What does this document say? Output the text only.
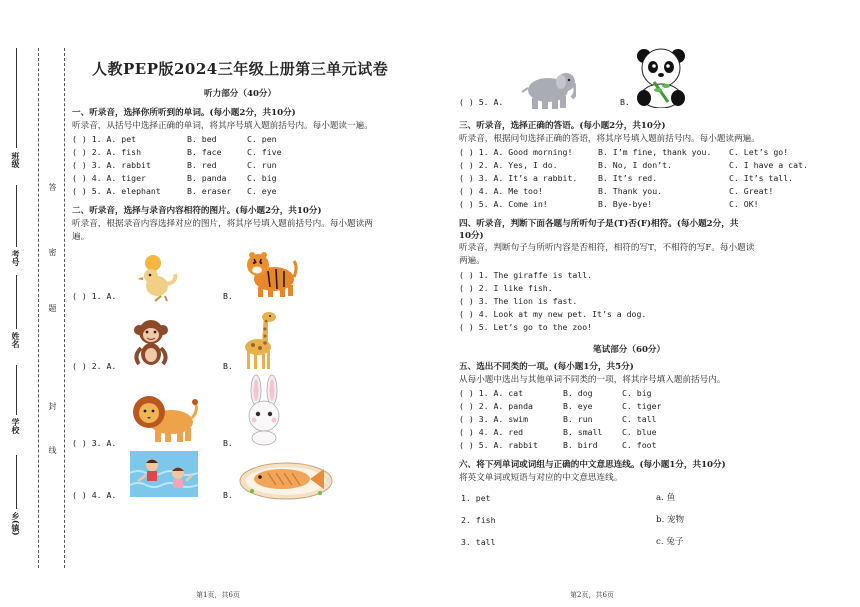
班级
考号
姓名
学校
乡(镇)
答
密
题
封
线
人教PEP版2024三年级上册第三单元试卷
听力部分（40分）
一、听录音，选择你所听到的单词。(每小题2分，共10分)
听录音，从括号中选择正确的单词，将其序号填入题前括号内。每小题读一遍。
( ) 1. A. pet	B. bed	C. pen
( ) 2. A. fish	B. face	C. five
( ) 3. A. rabbit	B. red	C. run
( ) 4. A. tiger	B. panda	C. big
( ) 5. A. elephant	B. eraser C. eye
二、听录音，选择与录音内容相符的图片。(每小题2分，共10分)
听录音，根据录音内容选择对应的图片，将其序号填入题前括号内。每小题读两
遍。
( ) 1. A.	B.
( ) 2. A.	B.
( ) 3. A.	B.
( ) 4. A.	B.
第1页，共6页
( ) 5. A.	B.
三、听录音，选择正确的答语。(每小题2分，共10分)
听录音，根据问句选择正确的答语，将其序号填入题前括号内。每小题读两遍。
( ) 1. A. Good morning!	B. I’m fine, thank you. C. Let’s go!
( ) 2. A. Yes, I do.	B. No, I don’t.	C. I have a cat.
( ) 3. A. It’s a rabbit.	B. It’s red.	C. It’s tall.
( ) 4. A. Me too!	B. Thank you.	C. Great!
( ) 5. A. Come in!	B. Bye-bye!	C. OK!
四、听录音，判断下面各题与所听句子是(T)否(F)相符。(每小题2分，共
10分)
听录音，判断句子与所听内容是否相符，相符的写T，不相符的写F。每小题读
两遍。
( ) 1. The giraffe is tall.
( ) 2. I like fish.
( ) 3. The lion is fast.
( ) 4. Look at my new pet. It’s a dog.
( ) 5. Let’s go to the zoo!
笔试部分（60分）
五、选出不同类的一项。(每小题1分，共5分)
从每小题中选出与其他单词不同类的一项，将其序号填入题前括号内。
( ) 1. A. cat	B. dog	C. big
( ) 2. A. panda	B. eye	C. tiger
( ) 3. A. swim	B. run	C. tall
( ) 4. A. red	B. small C. blue
( ) 5. A. rabbit	B. bird	C. foot
六、将下列单词或词组与正确的中文意思连线。(每小题1分，共10分)
将英文单词或短语与对应的中文意思连线。
1. pet	a. 鱼
2. fish	b. 宠物
3. tall	c. 兔子
第2页，共6页
